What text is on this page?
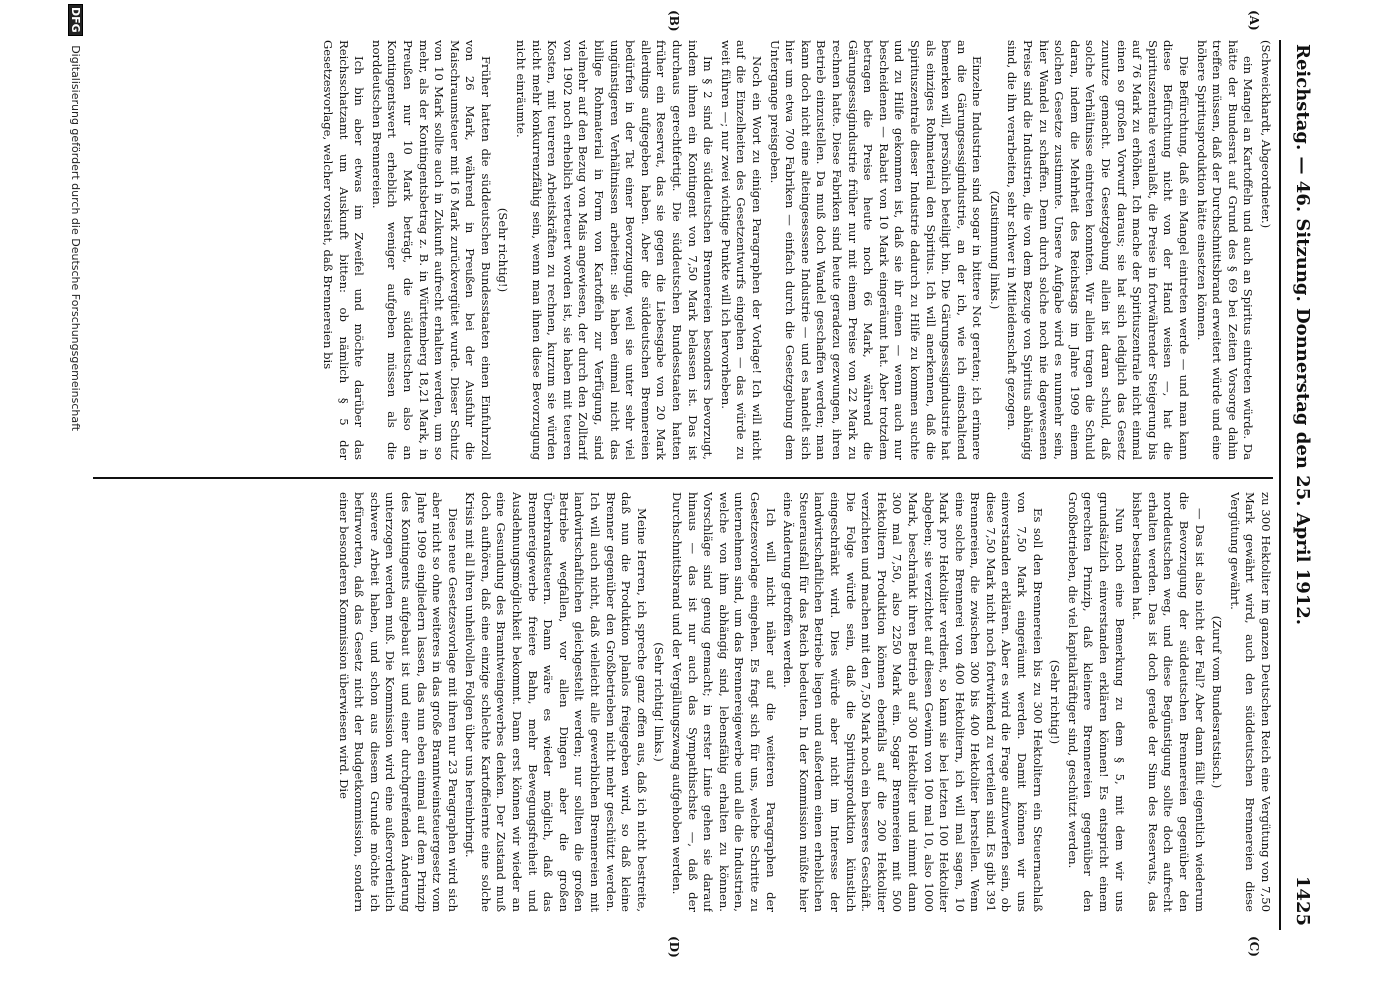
Reichstag. — 46. Sitzung. Donnerstag den 25. April 1912.
1425
(A)
(B)
(C)
(D)

(Schweickhardt, Abgeordneter.)

ein Mangel an Kartoffeln und auch an Spiritus eintreten würde. Da hätte der Bundesrat auf Grund des § 69 bei Zeiten Vorsorge dahin treffen müssen, daß der Durchschnittsbrand erweitert würde und eine höhere Spiritusproduktion hätte einsetzen können.

Die Befürchtung, daß ein Mangel eintreten werde — und man kann diese Befürchtung nicht von der Hand weisen —, hat die Spirituszentrale veranlaßt, die Preise in fortwährender Steigerung bis auf 76 Mark zu erhöhen. Ich mache der Spirituszentrale nicht einmal einen so großen Vorwurf daraus; sie hat sich lediglich das Gesetz zunutze gemacht. Die Gesetzgebung allein ist daran schuld, daß solche Verhältnisse eintreten konnten. Wir allein tragen die Schuld daran, indem die Mehrheit des Reichstags im Jahre 1909 einem solchen Gesetze zustimmte. Unsere Aufgabe wird es nunmehr sein, hier Wandel zu schaffen. Denn durch solche noch nie dagewesenen Preise sind die Industrien, die von dem Bezuge von Spiritus abhängig sind, die ihn verarbeiten, sehr schwer in Mitleidenschaft gezogen.

(Zustimmung links.)

Einzelne Industrien sind sogar in bittere Not geraten; ich erinnere an die Gärungsessigindustrie, an der ich, wie ich einschaltend bemerken will, persönlich beteiligt bin. Die Gärungsessigindustrie hat als einziges Rohmaterial den Spiritus. Ich will anerkennen, daß die Spirituszentrale dieser Industrie dadurch zu Hilfe zu kommen suchte und zu Hilfe gekommen ist, daß sie ihr einen — wenn auch nur bescheidenen — Rabatt von 10 Mark eingeräumt hat. Aber trotzdem betragen die Preise heute noch 66 Mark, während die Gärungsessigindustrie früher nur mit einem Preise von 22 Mark zu rechnen hatte. Diese Fabriken sind heute geradezu gezwungen, ihren Betrieb einzustellen. Da muß doch Wandel geschaffen werden; man kann doch nicht eine alteingesessene Industrie — und es handelt sich hier um etwa 700 Fabriken — einfach durch die Gesetzgebung dem Untergange preisgeben.

Noch ein Wort zu einigen Paragraphen der Vorlage! Ich will nicht auf die Einzelheiten des Gesetzentwurfs eingehen — das würde zu weit führen —; nur zwei wichtige Punkte will ich hervorheben.

Im § 2 sind die süddeutschen Brennereien besonders bevorzugt, indem ihnen ein Kontingent von 7,50 Mark belassen ist. Das ist durchaus gerechtfertigt. Die süddeutschen Bundesstaaten hatten früher ein Reservat, das sie gegen die Liebesgabe von 20 Mark allerdings aufgegeben haben. Aber die süddeutschen Brennereien bedürfen in der Tat einer Bevorzugung, weil sie unter sehr viel ungünstigeren Verhältnissen arbeiten: sie haben einmal nicht das billige Rohmaterial in Form von Kartoffeln zur Verfügung, sind vielmehr auf den Bezug von Mais angewiesen, der durch den Zolltarif von 1902 noch erheblich verteuert worden ist, sie haben mit teueren Kosten, mit teureren Arbeitskräften zu rechnen, kurzum sie würden nicht mehr konkurrenzfähig sein, wenn man ihnen diese Bevorzugung nicht einräumte.

(Sehr richtig!)

Früher hatten die süddeutschen Bundesstaaten einen Einfuhrzoll von 26 Mark, während in Preußen bei der Ausfuhr die Maischraumsteuer mit 16 Mark zurückvergütet wurde. Dieser Schutz von 10 Mark sollte auch in Zukunft aufrecht erhalten werden, um so mehr, als der Kontingentsbetrag z. B. in Württemberg 18,21 Mark, in Preußen nur 10 Mark beträgt, die süddeutschen also an Kontingentswert erheblich weniger aufgeben müssen als die norddeutschen Brennereien.

Ich bin aber etwas im Zweifel und möchte darüber das Reichsschatzamt um Auskunft bitten: ob nämlich § 5 der Gesetzesvorlage, welcher vorsieht, daß Brennereien bis

zu 300 Hektoliter im ganzen Deutschen Reich eine Vergütung von 7,50 Mark gewährt wird, auch den süddeutschen Brennereien diese Vergütung gewährt.

(Zuruf vom Bundesratstisch.)

— Das ist also nicht der Fall? Aber dann fällt eigentlich wiederum die Bevorzugung der süddeutschen Brennereien gegenüber den norddeutschen weg, und diese Begünstigung sollte doch aufrecht erhalten werden. Das ist doch gerade der Sinn des Reservats, das bisher bestanden hat.

Nun noch eine Bemerkung zu dem § 5, mit dem wir uns grundsätzlich einverstanden erklären können! Es entspricht einem gerechten Prinzip, daß kleinere Brennereien gegenüber den Großbetrieben, die viel kapitalkräftiger sind, geschützt werden.

(Sehr richtig!)

Es soll den Brennereien bis zu 300 Hektolitern ein Steuernachlaß von 7,50 Mark eingeräumt werden. Damit können wir uns einverstanden erklären. Aber es wird die Frage aufzuwerfen sein, ob diese 7,50 Mark nicht noch fortwirkend zu verteilen sind. Es gibt 391 Brennereien, die zwischen 300 bis 400 Hektoliter herstellen. Wenn eine solche Brennerei von 400 Hektolitern, ich will mal sagen, 10 Mark pro Hektoliter verdient, so kann sie bei letzten 100 Hektoliter abgeben; sie verzichtet auf diesen Gewinn von 100 mal 10, also 1000 Mark, beschränkt ihren Betrieb auf 300 Hektoliter und nimmt dann 300 mal 7,50, also 2250 Mark ein. Sogar Brennereien mit 500 Hektolitern Produktion können ebenfalls auf die 200 Hektoliter verzichten und machen mit den 7,50 Mark noch ein besseres Geschäft. Die Folge würde sein, daß die Spiritusproduktion künstlich eingeschränkt wird. Dies würde aber nicht im Interesse der landwirtschaftlichen Betriebe liegen und außerdem einen erheblichen Steuerausfall für das Reich bedeuten. In der Kommission müßte hier eine Änderung getroffen werden.

Ich will nicht näher auf die weiteren Paragraphen der Gesetzesvorlage eingehen. Es fragt sich für uns, welche Schritte zu unternehmen sind, um das Brennereigewerbe und alle die Industrien, welche von ihm abhängig sind, lebensfähig erhalten zu können. Vorschläge sind genug gemacht; in erster Linie gehen sie darauf hinaus — das ist nur auch das Sympathischste —, daß der Durchschnittsbrand und der Vergällungszwang aufgehoben werden.

(Sehr richtig! links.)

Meine Herren, ich spreche ganz offen aus, daß ich nicht bestreite, daß nun die Produktion planlos freigegeben wird, so daß kleine Brenner gegenüber den Großbetrieben nicht mehr geschützt werden. Ich will auch nicht, daß vielleicht alle gewerblichen Brennereien mit landwirtschaftlichen gleichgestellt werden; nur sollten die großen Betriebe wegfallen, vor allen Dingen aber die großen Überbrandsteuern. Dann wäre es wieder möglich, daß das Brennereigewerbe freiere Bahn, mehr Bewegungsfreiheit und Ausdehnungsmöglichkeit bekommt. Dann erst können wir wieder an eine Gesundung des Branntweingewerbes denken. Der Zustand muß doch aufhören, daß eine einzige schlechte Kartoffelernte eine solche Krisis mit all ihren unheilvollen Folgen über uns hereinbringt.

Diese neue Gesetzesvorlage mit ihren nur 23 Paragraphen wird sich aber nicht so ohne weiteres in das große Branntweinsteuergesetz vom Jahre 1909 eingliedern lassen, das nun eben einmal auf dem Prinzip des Kontingents aufgebaut ist und einer durchgreifenden Änderung unterzogen werden muß. Die Kommission wird eine außerordentlich schwere Arbeit haben, und schon aus diesem Grunde möchte ich befürworten, daß das Gesetz nicht der Budgetkommission, sondern einer besonderen Kommission überwiesen wird. Die

DFG Digitalisierung gefördert durch die Deutsche Forschungsgemeinschaft
